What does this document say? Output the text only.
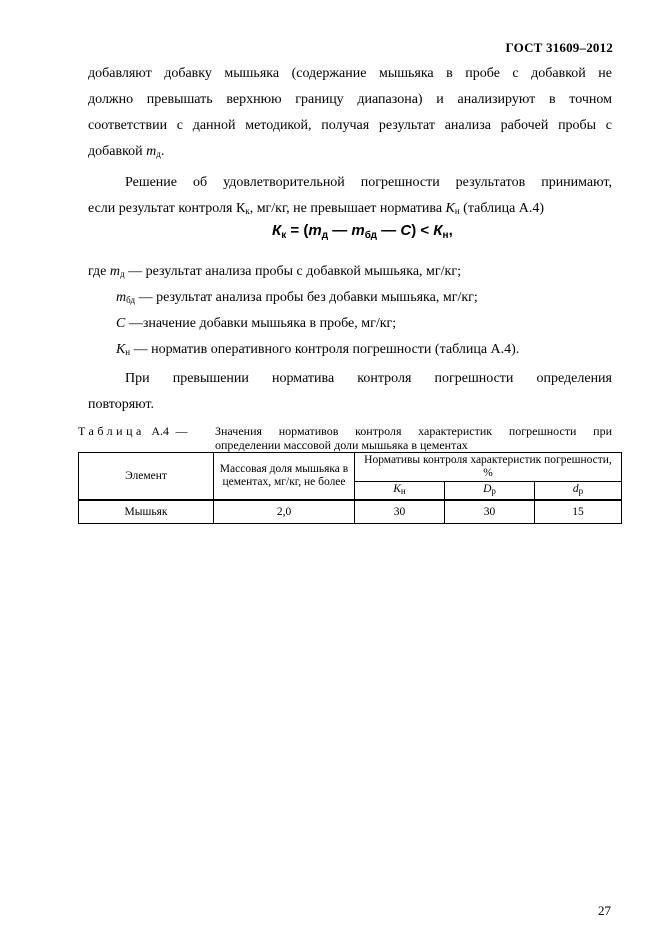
ГОСТ 31609–2012

добавляют добавку мышьяка (содержание мышьяка в пробе с добавкой не

должно превышать верхнюю границу диапазона) и анализируют в точном

соответствии с данной методикой, получая результат анализа рабочей пробы с

добавкой $m_д$.

Решение об удовлетворительной погрешности результатов принимают,

если результат контроля $К_к$, мг/кг, не превышает норматива $К_н$ (таблица А.4)

$К_к = (m_д$ — $m_{бд}$ — $C) < К_н$,

где $m_д$ — результат анализа пробы с добавкой мышьяка, мг/кг;

$m_{бд}$ — результат анализа пробы без добавки мышьяка, мг/кг;

C —значение добавки мышьяка в пробе, мг/кг;

$К_н$ — норматив оперативного контроля погрешности (таблица А.4).

При превышении норматива контроля погрешности определения

повторяют.

Таблица А.4 — Значения нормативов контроля характеристик погрешности при
определении массовой доли мышьяка в цементах
Элемент	Массовая доля мышьяка в цементах, мг/кг, не более	Нормативы контроля характеристик погрешности, %		
		$К_н$	$D_р$	$d_р$
Мышьяк	2,0	30	30	15
27
